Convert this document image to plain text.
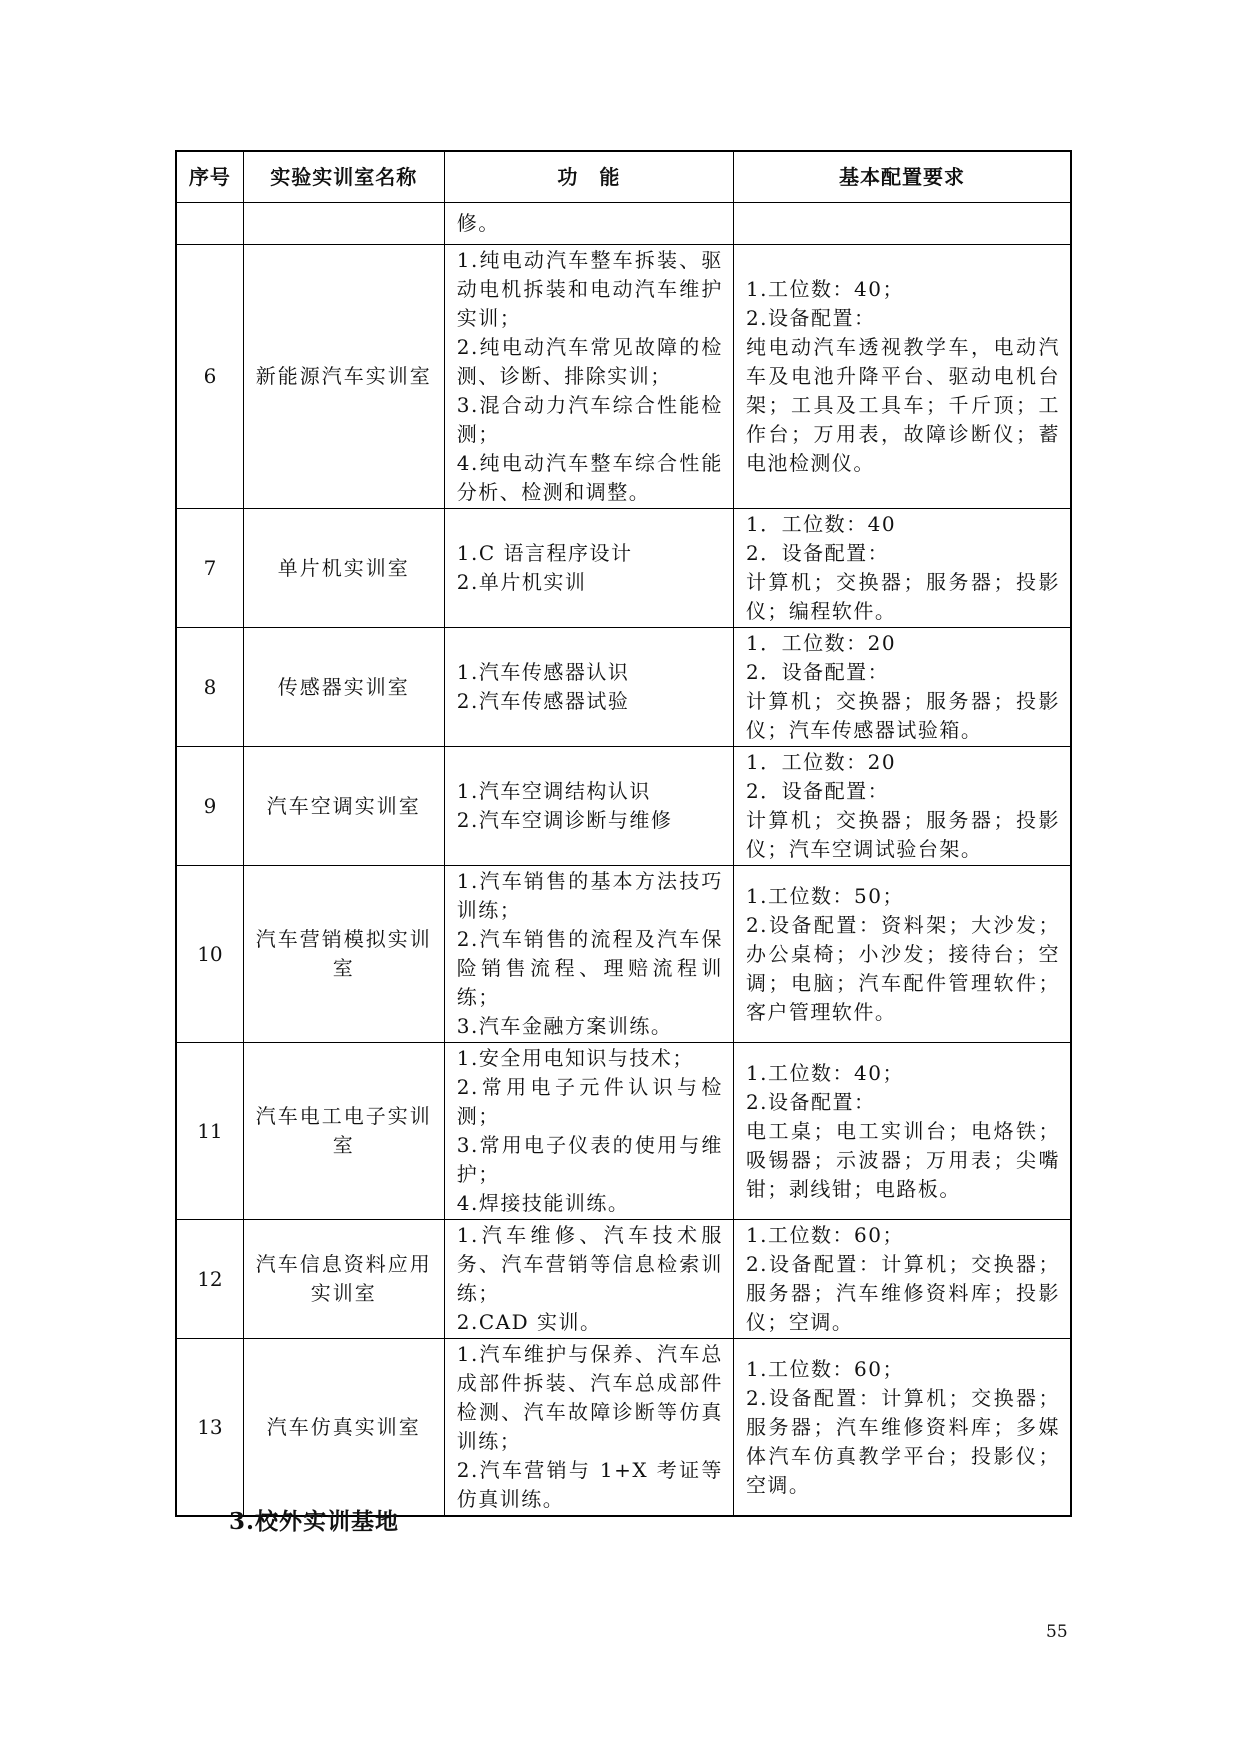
序号	实验实训室名称	功　能	基本配置要求

		修。	

6	新能源汽车实训室	1.纯电动汽车整车拆装、驱动电机拆装和电动汽车维护实训；
2.纯电动汽车常见故障的检测、诊断、排除实训；
3.混合动力汽车综合性能检测；
4.纯电动汽车整车综合性能分析、检测和调整。	1.工位数：40；
2.设备配置：
纯电动汽车透视教学车，电动汽车及电池升降平台、驱动电机台架；工具及工具车；千斤顶；工作台；万用表，故障诊断仪；蓄电池检测仪。

7	单片机实训室	1.C 语言程序设计
2.单片机实训	1．工位数：40
2．设备配置：
计算机；交换器；服务器；投影仪；编程软件。

8	传感器实训室	1.汽车传感器认识
2.汽车传感器试验	1．工位数：20
2．设备配置：
计算机；交换器；服务器；投影仪；汽车传感器试验箱。

9	汽车空调实训室	1.汽车空调结构认识
2.汽车空调诊断与维修	1．工位数：20
2．设备配置：
计算机；交换器；服务器；投影仪；汽车空调试验台架。

10	汽车营销模拟实训室	1.汽车销售的基本方法技巧训练；
2.汽车销售的流程及汽车保险销售流程、理赔流程训练；
3.汽车金融方案训练。	1.工位数：50；
2.设备配置：资料架；大沙发；办公桌椅；小沙发；接待台；空调；电脑；汽车配件管理软件；客户管理软件。

11	汽车电工电子实训室	1.安全用电知识与技术；
2.常用电子元件认识与检测；
3.常用电子仪表的使用与维护；
4.焊接技能训练。	1.工位数：40；
2.设备配置：
电工桌；电工实训台；电烙铁；吸锡器；示波器；万用表；尖嘴钳；剥线钳；电路板。

12	汽车信息资料应用实训室	1.汽车维修、汽车技术服务、汽车营销等信息检索训练；
2.CAD 实训。	1.工位数：60；
2.设备配置：计算机；交换器；服务器；汽车维修资料库；投影仪；空调。

13	汽车仿真实训室	1.汽车维护与保养、汽车总成部件拆装、汽车总成部件检测、汽车故障诊断等仿真训练；
2.汽车营销与 1+X 考证等仿真训练。	1.工位数：60；
2.设备配置：计算机；交换器；服务器；汽车维修资料库；多媒体汽车仿真教学平台；投影仪；空调。
3.校外实训基地
55
